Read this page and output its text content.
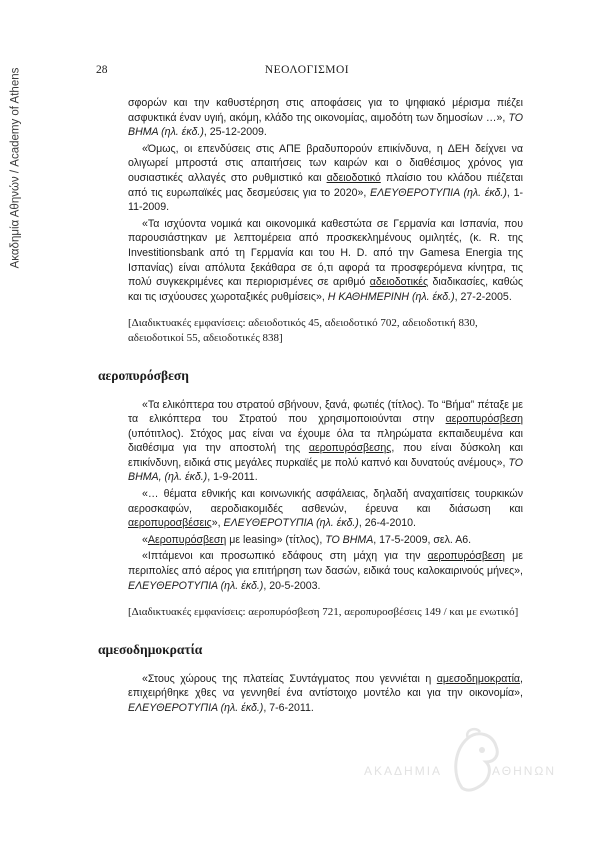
Ακαδημία Αθηνών / Academy of Athens	28	ΝΕΟΛΟΓΙΣΜΟΙ

σφορών και την καθυστέρηση στις αποφάσεις για το ψηφιακό μέρισμα πιέζει ασφυκτικά έναν υγιή, ακόμη, κλάδο της οικονομίας, αιμοδότη των δημοσίων …», ΤΟ ΒΗΜΑ (ηλ. έκδ.), 25-12-2009.

«Όμως, οι επενδύσεις στις ΑΠΕ βραδυπορούν επικίνδυνα, η ΔΕΗ δείχνει να ολιγωρεί μπροστά στις απαιτήσεις των καιρών και ο διαθέσιμος χρόνος για ουσιαστικές αλλαγές στο ρυθμιστικό και αδειοδοτικό πλαίσιο του κλάδου πιέζεται από τις ευρωπαϊκές μας δεσμεύσεις για το 2020», ΕΛΕΥΘΕΡΟΤΥΠΙΑ (ηλ. έκδ.), 1-11-2009.

«Τα ισχύοντα νομικά και οικονομικά καθεστώτα σε Γερμανία και Ισπανία, που παρουσιάστηκαν με λεπτομέρεια από προσκεκλημένους ομιλητές, (κ. R. της Investitionsbank από τη Γερμανία και του H. D. από την Gamesa Energia της Ισπανίας) είναι απόλυτα ξεκάθαρα σε ό,τι αφορά τα προσφερόμενα κίνητρα, τις πολύ συγκεκριμένες και περιορισμένες σε αριθμό αδειοδοτικές διαδικασίες, καθώς και τις ισχύουσες χωροταξικές ρυθμίσεις», Η ΚΑΘΗΜΕΡΙΝΗ (ηλ. έκδ.), 27-2-2005.

[Διαδικτυακές εμφανίσεις: αδειοδοτικός 45, αδειοδοτικό 702, αδειοδοτική 830, αδειοδοτικοί 55, αδειοδοτικές 838]

αεροπυρόσβεση

«Τα ελικόπτερα του στρατού σβήνουν, ξανά, φωτιές (τίτλος). Το “Βήμα” πέταξε με τα ελικόπτερα του Στρατού που χρησιμοποιούνται στην αεροπυρόσβεση (υπότιτλος). Στόχος μας είναι να έχουμε όλα τα πληρώματα εκπαιδευμένα και διαθέσιμα για την αποστολή της αεροπυρόσβεσης, που είναι δύσκολη και επικίνδυνη, ειδικά στις μεγάλες πυρκαϊές με πολύ καπνό και δυνατούς ανέμους», ΤΟ ΒΗΜΑ, (ηλ. έκδ.), 1-9-2011.

«… θέματα εθνικής και κοινωνικής ασφάλειας, δηλαδή αναχαιτίσεις τουρκικών αεροσκαφών, αεροδιακομιδές ασθενών, έρευνα και διάσωση και αεροπυροσβέσεις», ΕΛΕΥΘΕΡΟΤΥΠΙΑ (ηλ. έκδ.), 26-4-2010.

«Αεροπυρόσβεση με leasing» (τίτλος), ΤΟ ΒΗΜΑ, 17-5-2009, σελ. Α6.

«Ιπτάμενοι και προσωπικό εδάφους στη μάχη για την αεροπυρόσβεση με περιπολίες από αέρος για επιτήρηση των δασών, ειδικά τους καλοκαιρινούς μήνες», ΕΛΕΥΘΕΡΟΤΥΠΙΑ (ηλ. έκδ.), 20-5-2003.

[Διαδικτυακές εμφανίσεις: αεροπυρόσβεση 721, αεροπυροσβέσεις 149 / και με ενωτικό]

αμεσοδημοκρατία

«Στους χώρους της πλατείας Συντάγματος που γεννιέται η αμεσοδημοκρατία, επιχειρήθηκε χθες να γεννηθεί ένα αντίστοιχο μοντέλο και για την οικονομία», ΕΛΕΥΘΕΡΟΤΥΠΙΑ (ηλ. έκδ.), 7-6-2011.

ΑΚΑΔΗΜΙΑ	ΑΘΗΝΩΝ
